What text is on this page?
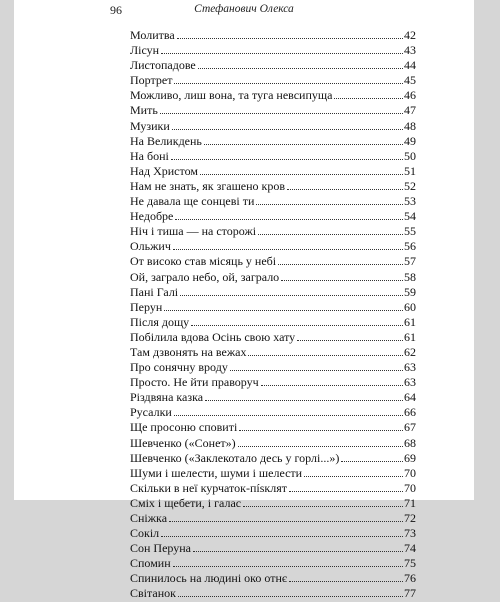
96	Стефанович Олекса
Молитва	42
Лісун	43
Листопадове	44
Портрет	45
Можливо, лиш вона, та туга невсипуща	46
Мить	47
Музики	48
На Великдень	49
На боні	50
Над Христом	51
Нам не знать, як згашено кров	52
Не давала ще сонцеві ти	53
Недобре	54
Ніч і тиша — на сторожі	55
Ольжич	56
От високо став місяць у небі	57
Ой, заграло небо, ой, заграло	58
Пані Галі	59
Перун	60
Після дощу	61
Побілила вдова Осінь свою хату	61
Там дзвонять на вежах	62
Про сонячну вроду	63
Просто. Не йти праворуч	63
Різдвяна казка	64
Русалки	66
Ще просоню сповиті	67
Шевченко («Сонет»)	68
Шевченко («Заклекотало десь у горлі...»)	69
Шуми і шелести, шуми і шелести	70
Скільки в неї курчаток-пísклят	70
Сміх і щебети, і галас	71
Сніжка	72
Сокіл	73
Сон Перуна	74
Спомин	75
Спинилось на людині око отнє	76
Світанок	77
